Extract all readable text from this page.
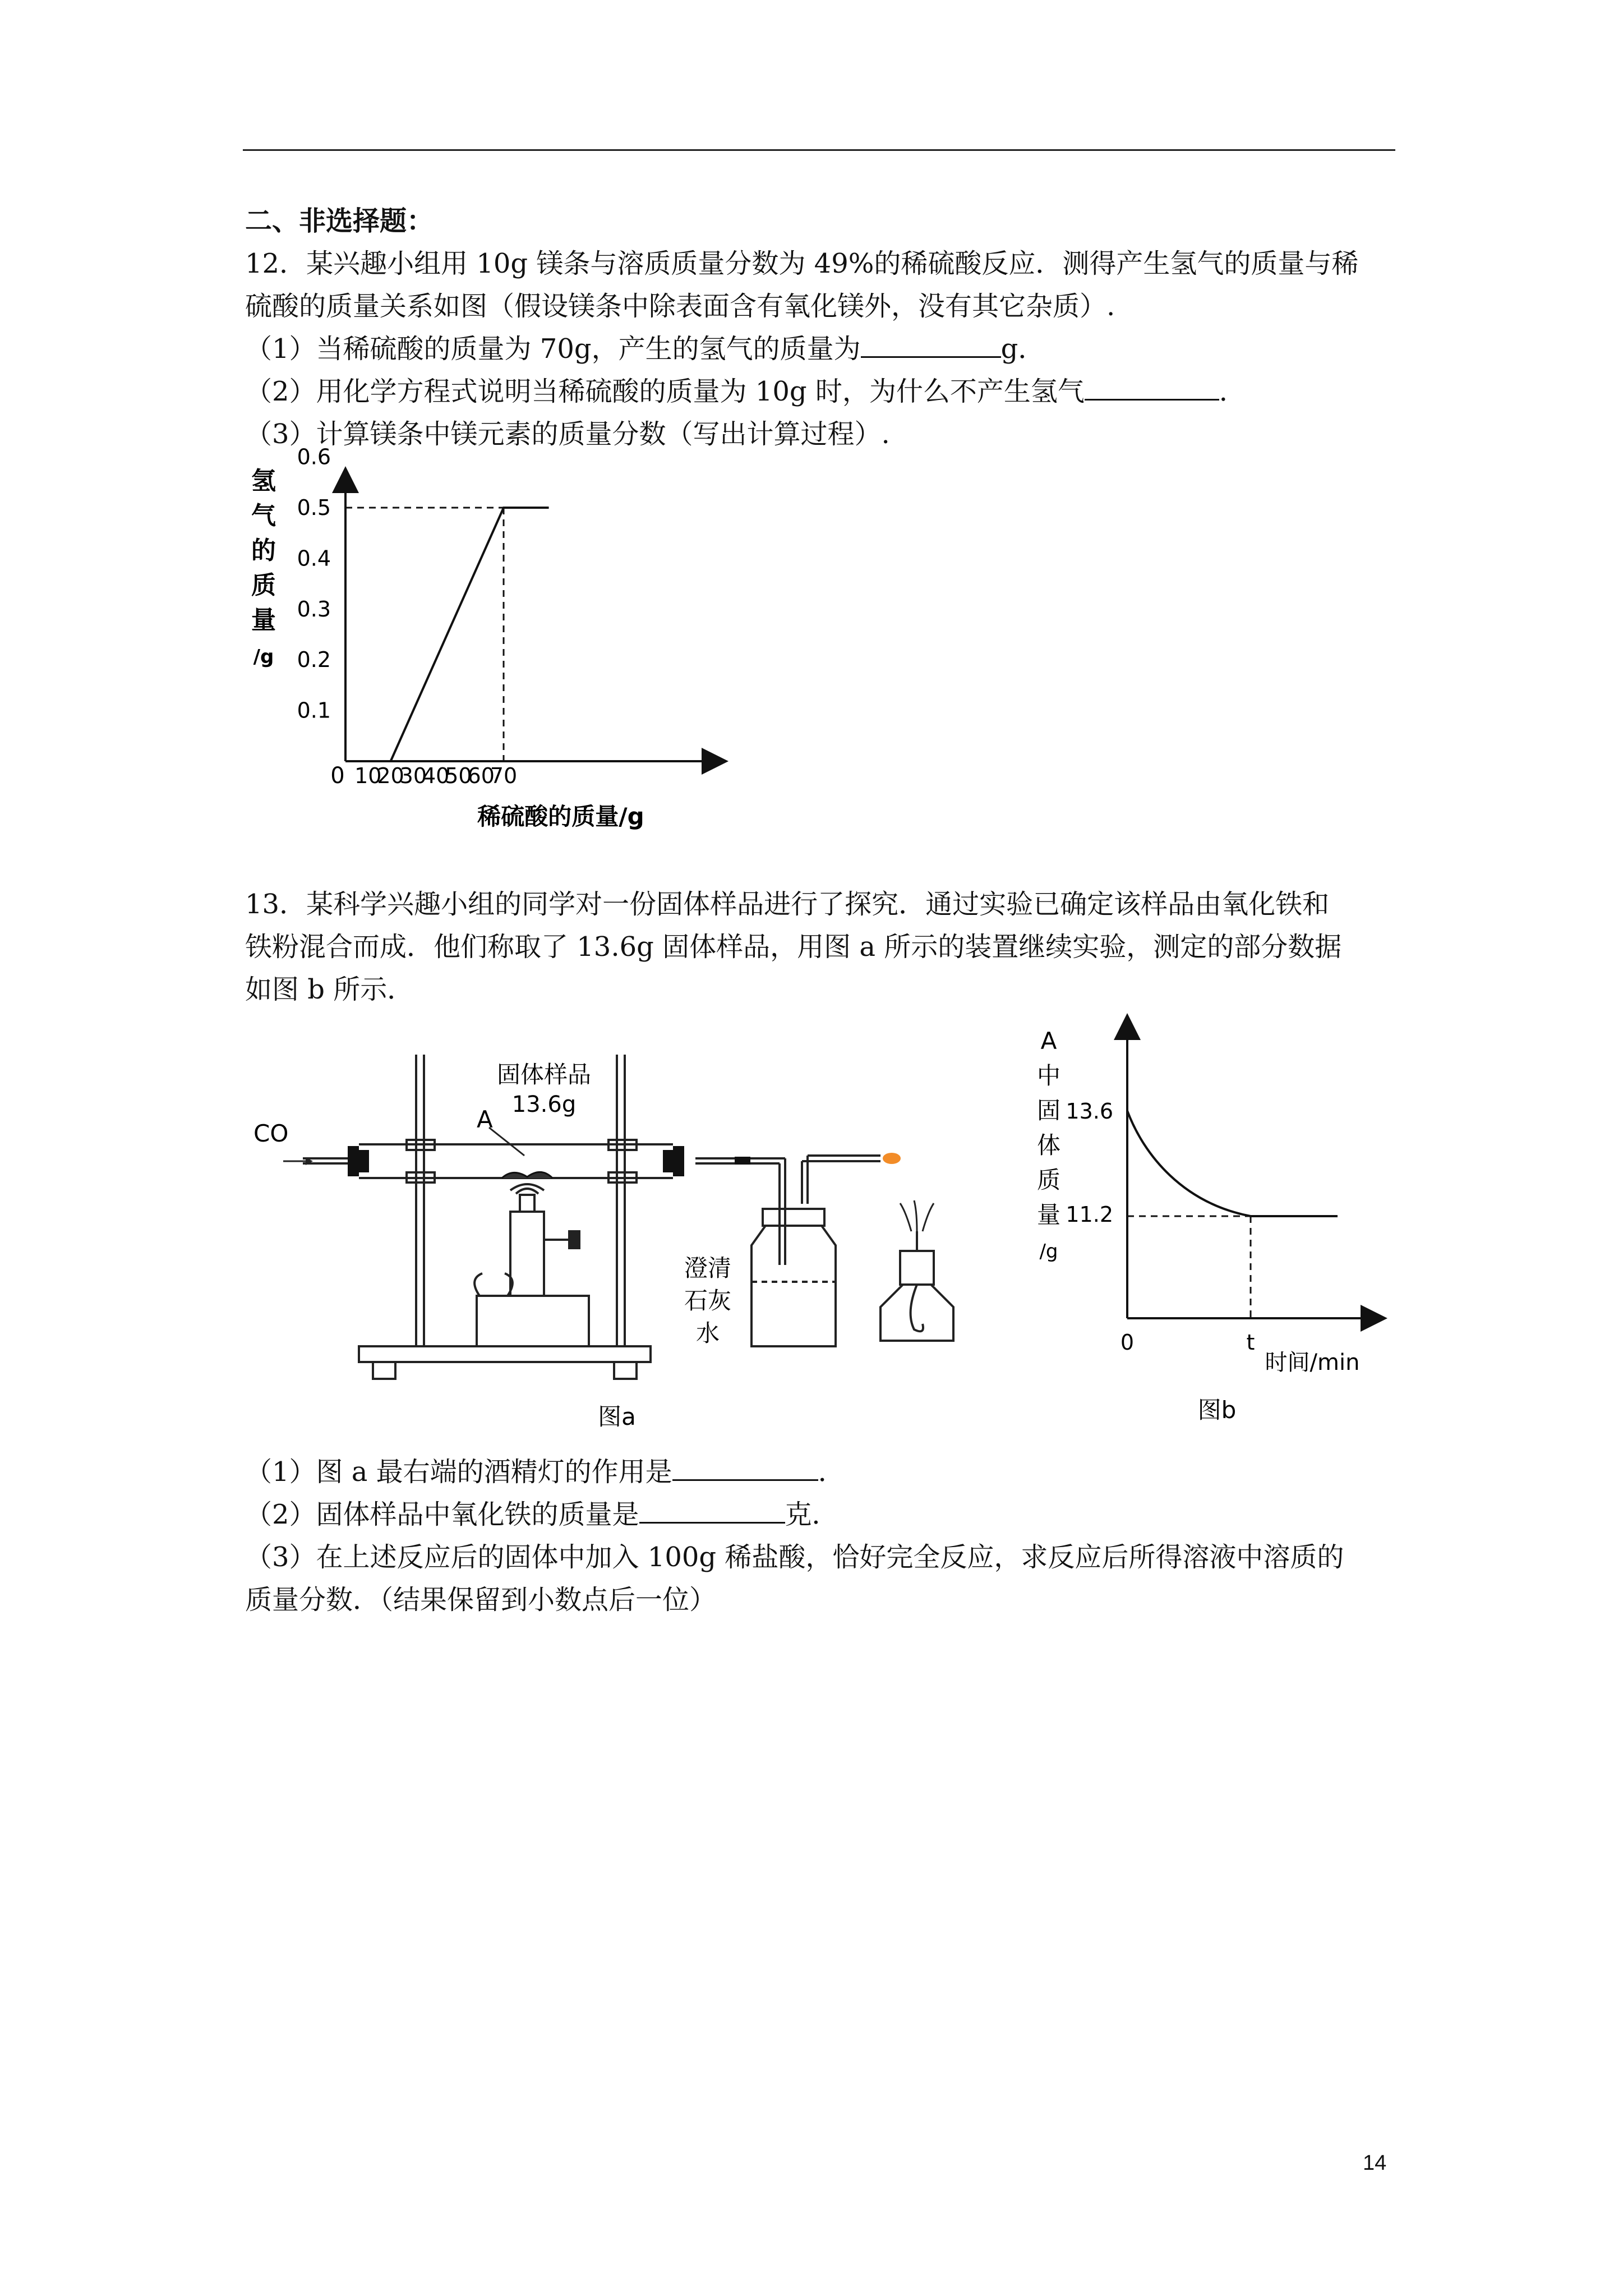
二、非选择题：
12．某兴趣小组用 10g 镁条与溶质质量分数为 49%的稀硫酸反应．测得产生氢气的质量与稀
硫酸的质量关系如图（假设镁条中除表面含有氧化镁外，没有其它杂质）.
（1）当稀硫酸的质量为 70g，产生的氢气的质量为	g．
（2）用化学方程式说明当稀硫酸的质量为 10g 时，为什么不产生氢气	．
（3）计算镁条中镁元素的质量分数（写出计算过程）.
氢
气
的
质
量
/g
0.1
0.2
0.3
0.4
0.5
0.6
10
20
30
40
50
60
70
0
稀硫酸的质量/g
13．某科学兴趣小组的同学对一份固体样品进行了探究．通过实验已确定该样品由氧化铁和
铁粉混合而成．他们称取了 13.6g 固体样品，用图 a 所示的装置继续实验，测定的部分数据
如图 b 所示．
CO
A
固体样品
13.6g
澄清
石灰
水
图a
A
中
固
体
质
量
/g
13.6
11.2
0	t
时间/min
图b
（1）图 a 最右端的酒精灯的作用是	．
（2）固体样品中氧化铁的质量是	克．
（3）在上述反应后的固体中加入 100g 稀盐酸，恰好完全反应，求反应后所得溶液中溶质的
质量分数．（结果保留到小数点后一位）
14
